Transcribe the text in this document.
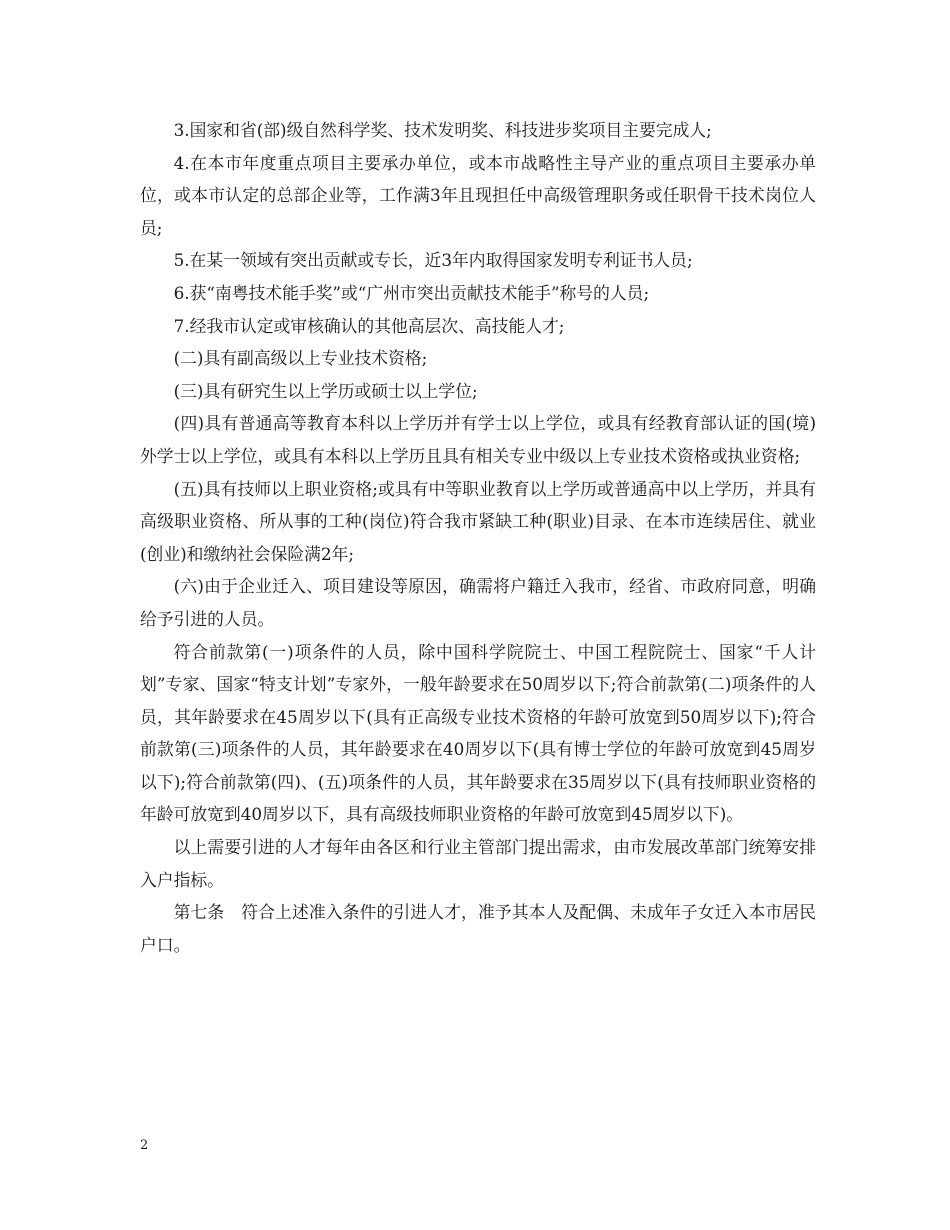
3.国家和省(部)级自然科学奖、技术发明奖、科技进步奖项目主要完成人;

4.在本市年度重点项目主要承办单位，或本市战略性主导产业的重点项目主要承办单位，或本市认定的总部企业等，工作满3年且现担任中高级管理职务或任职骨干技术岗位人员;

5.在某一领域有突出贡献或专长，近3年内取得国家发明专利证书人员;

6.获“南粤技术能手奖”或“广州市突出贡献技术能手”称号的人员;

7.经我市认定或审核确认的其他高层次、高技能人才;

(二)具有副高级以上专业技术资格;

(三)具有研究生以上学历或硕士以上学位;

(四)具有普通高等教育本科以上学历并有学士以上学位，或具有经教育部认证的国(境)外学士以上学位，或具有本科以上学历且具有相关专业中级以上专业技术资格或执业资格;

(五)具有技师以上职业资格;或具有中等职业教育以上学历或普通高中以上学历，并具有高级职业资格、所从事的工种(岗位)符合我市紧缺工种(职业)目录、在本市连续居住、就业(创业)和缴纳社会保险满2年;

(六)由于企业迁入、项目建设等原因，确需将户籍迁入我市，经省、市政府同意，明确给予引进的人员。

符合前款第(一)项条件的人员，除中国科学院院士、中国工程院院士、国家“千人计划”专家、国家“特支计划”专家外，一般年龄要求在50周岁以下;符合前款第(二)项条件的人员，其年龄要求在45周岁以下(具有正高级专业技术资格的年龄可放宽到50周岁以下);符合前款第(三)项条件的人员，其年龄要求在40周岁以下(具有博士学位的年龄可放宽到45周岁以下);符合前款第(四)、(五)项条件的人员，其年龄要求在35周岁以下(具有技师职业资格的年龄可放宽到40周岁以下，具有高级技师职业资格的年龄可放宽到45周岁以下)。

以上需要引进的人才每年由各区和行业主管部门提出需求，由市发展改革部门统筹安排入户指标。

第七条　符合上述准入条件的引进人才，准予其本人及配偶、未成年子女迁入本市居民户口。

2
